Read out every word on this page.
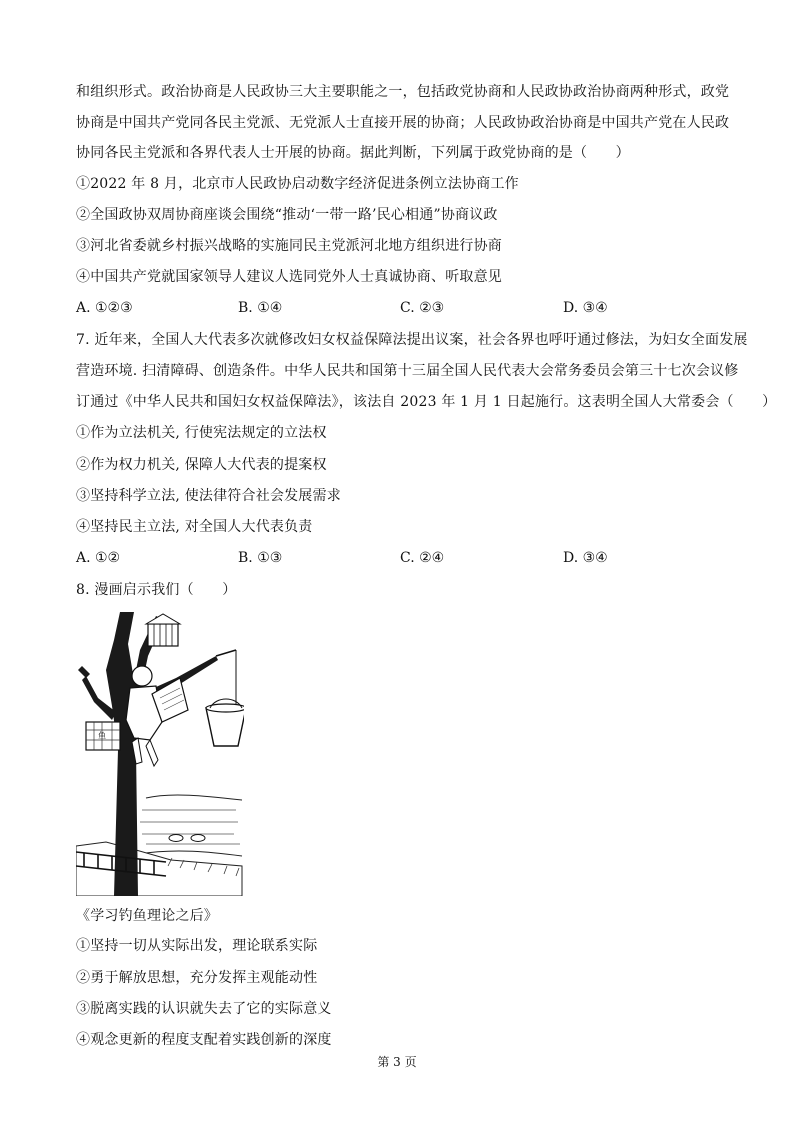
和组织形式。政治协商是人民政协三大主要职能之一，包括政党协商和人民政协政治协商两种形式，政党
协商是中国共产党同各民主党派、无党派人士直接开展的协商；人民政协政治协商是中国共产党在人民政
协同各民主党派和各界代表人士开展的协商。据此判断，下列属于政党协商的是（　　）
①2022 年 8 月，北京市人民政协启动数字经济促进条例立法协商工作
②全国政协双周协商座谈会围绕“推动‘一带一路’民心相通”协商议政
③河北省委就乡村振兴战略的实施同民主党派河北地方组织进行协商
④中国共产党就国家领导人建议人选同党外人士真诚协商、听取意见
A. ①②③	B. ①④	C. ②③	D. ③④
7. 近年来，全国人大代表多次就修改妇女权益保障法提出议案，社会各界也呼吁通过修法，为妇女全面发展
营造环境. 扫清障碍、创造条件。中华人民共和国第十三届全国人民代表大会常务委员会第三十七次会议修
订通过《中华人民共和国妇女权益保障法》，该法自 2023 年 1 月 1 日起施行。这表明全国人大常委会（　　）
①作为立法机关, 行使宪法规定的立法权
②作为权力机关, 保障人大代表的提案权
③坚持科学立法, 使法律符合社会发展需求
④坚持民主立法, 对全国人大代表负责
A. ①②	B. ①③	C. ②④	D. ③④
8. 漫画启示我们（　　）
鱼
《学习钓鱼理论之后》
①坚持一切从实际出发，理论联系实际
②勇于解放思想，充分发挥主观能动性
③脱离实践的认识就失去了它的实际意义
④观念更新的程度支配着实践创新的深度
第 3 页
